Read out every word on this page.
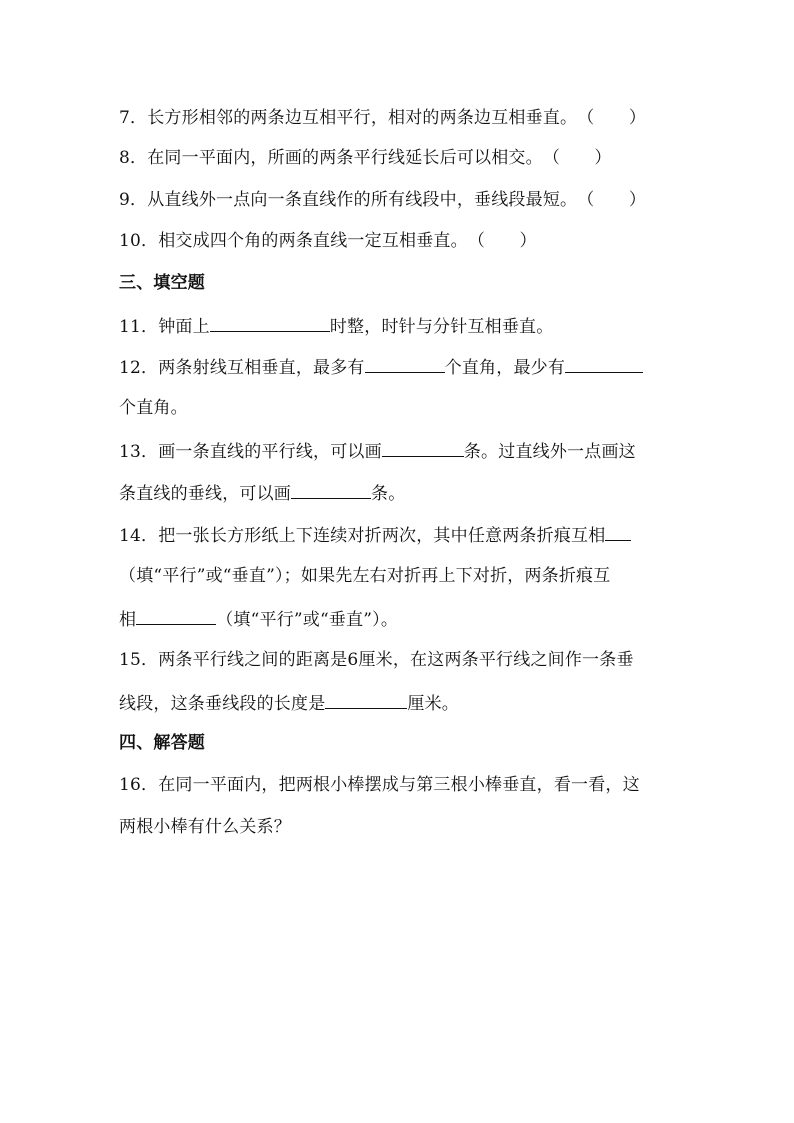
7．长方形相邻的两条边互相平行，相对的两条边互相垂直。（　　）
8．在同一平面内，所画的两条平行线延长后可以相交。（　　）
9．从直线外一点向一条直线作的所有线段中，垂线段最短。（　　）
10．相交成四个角的两条直线一定互相垂直。（　　）
三、填空题
11．钟面上	时整，时针与分针互相垂直。
12．两条射线互相垂直，最多有	个直角，最少有
个直角。
13．画一条直线的平行线，可以画	条。过直线外一点画这
条直线的垂线，可以画	条。
14．把一张长方形纸上下连续对折两次，其中任意两条折痕互相
（填“平行”或“垂直”）；如果先左右对折再上下对折，两条折痕互
相	（填“平行”或“垂直”）。
15．两条平行线之间的距离是6厘米，在这两条平行线之间作一条垂
线段，这条垂线段的长度是	厘米。
四、解答题
16．在同一平面内，把两根小棒摆成与第三根小棒垂直，看一看，这
两根小棒有什么关系？
